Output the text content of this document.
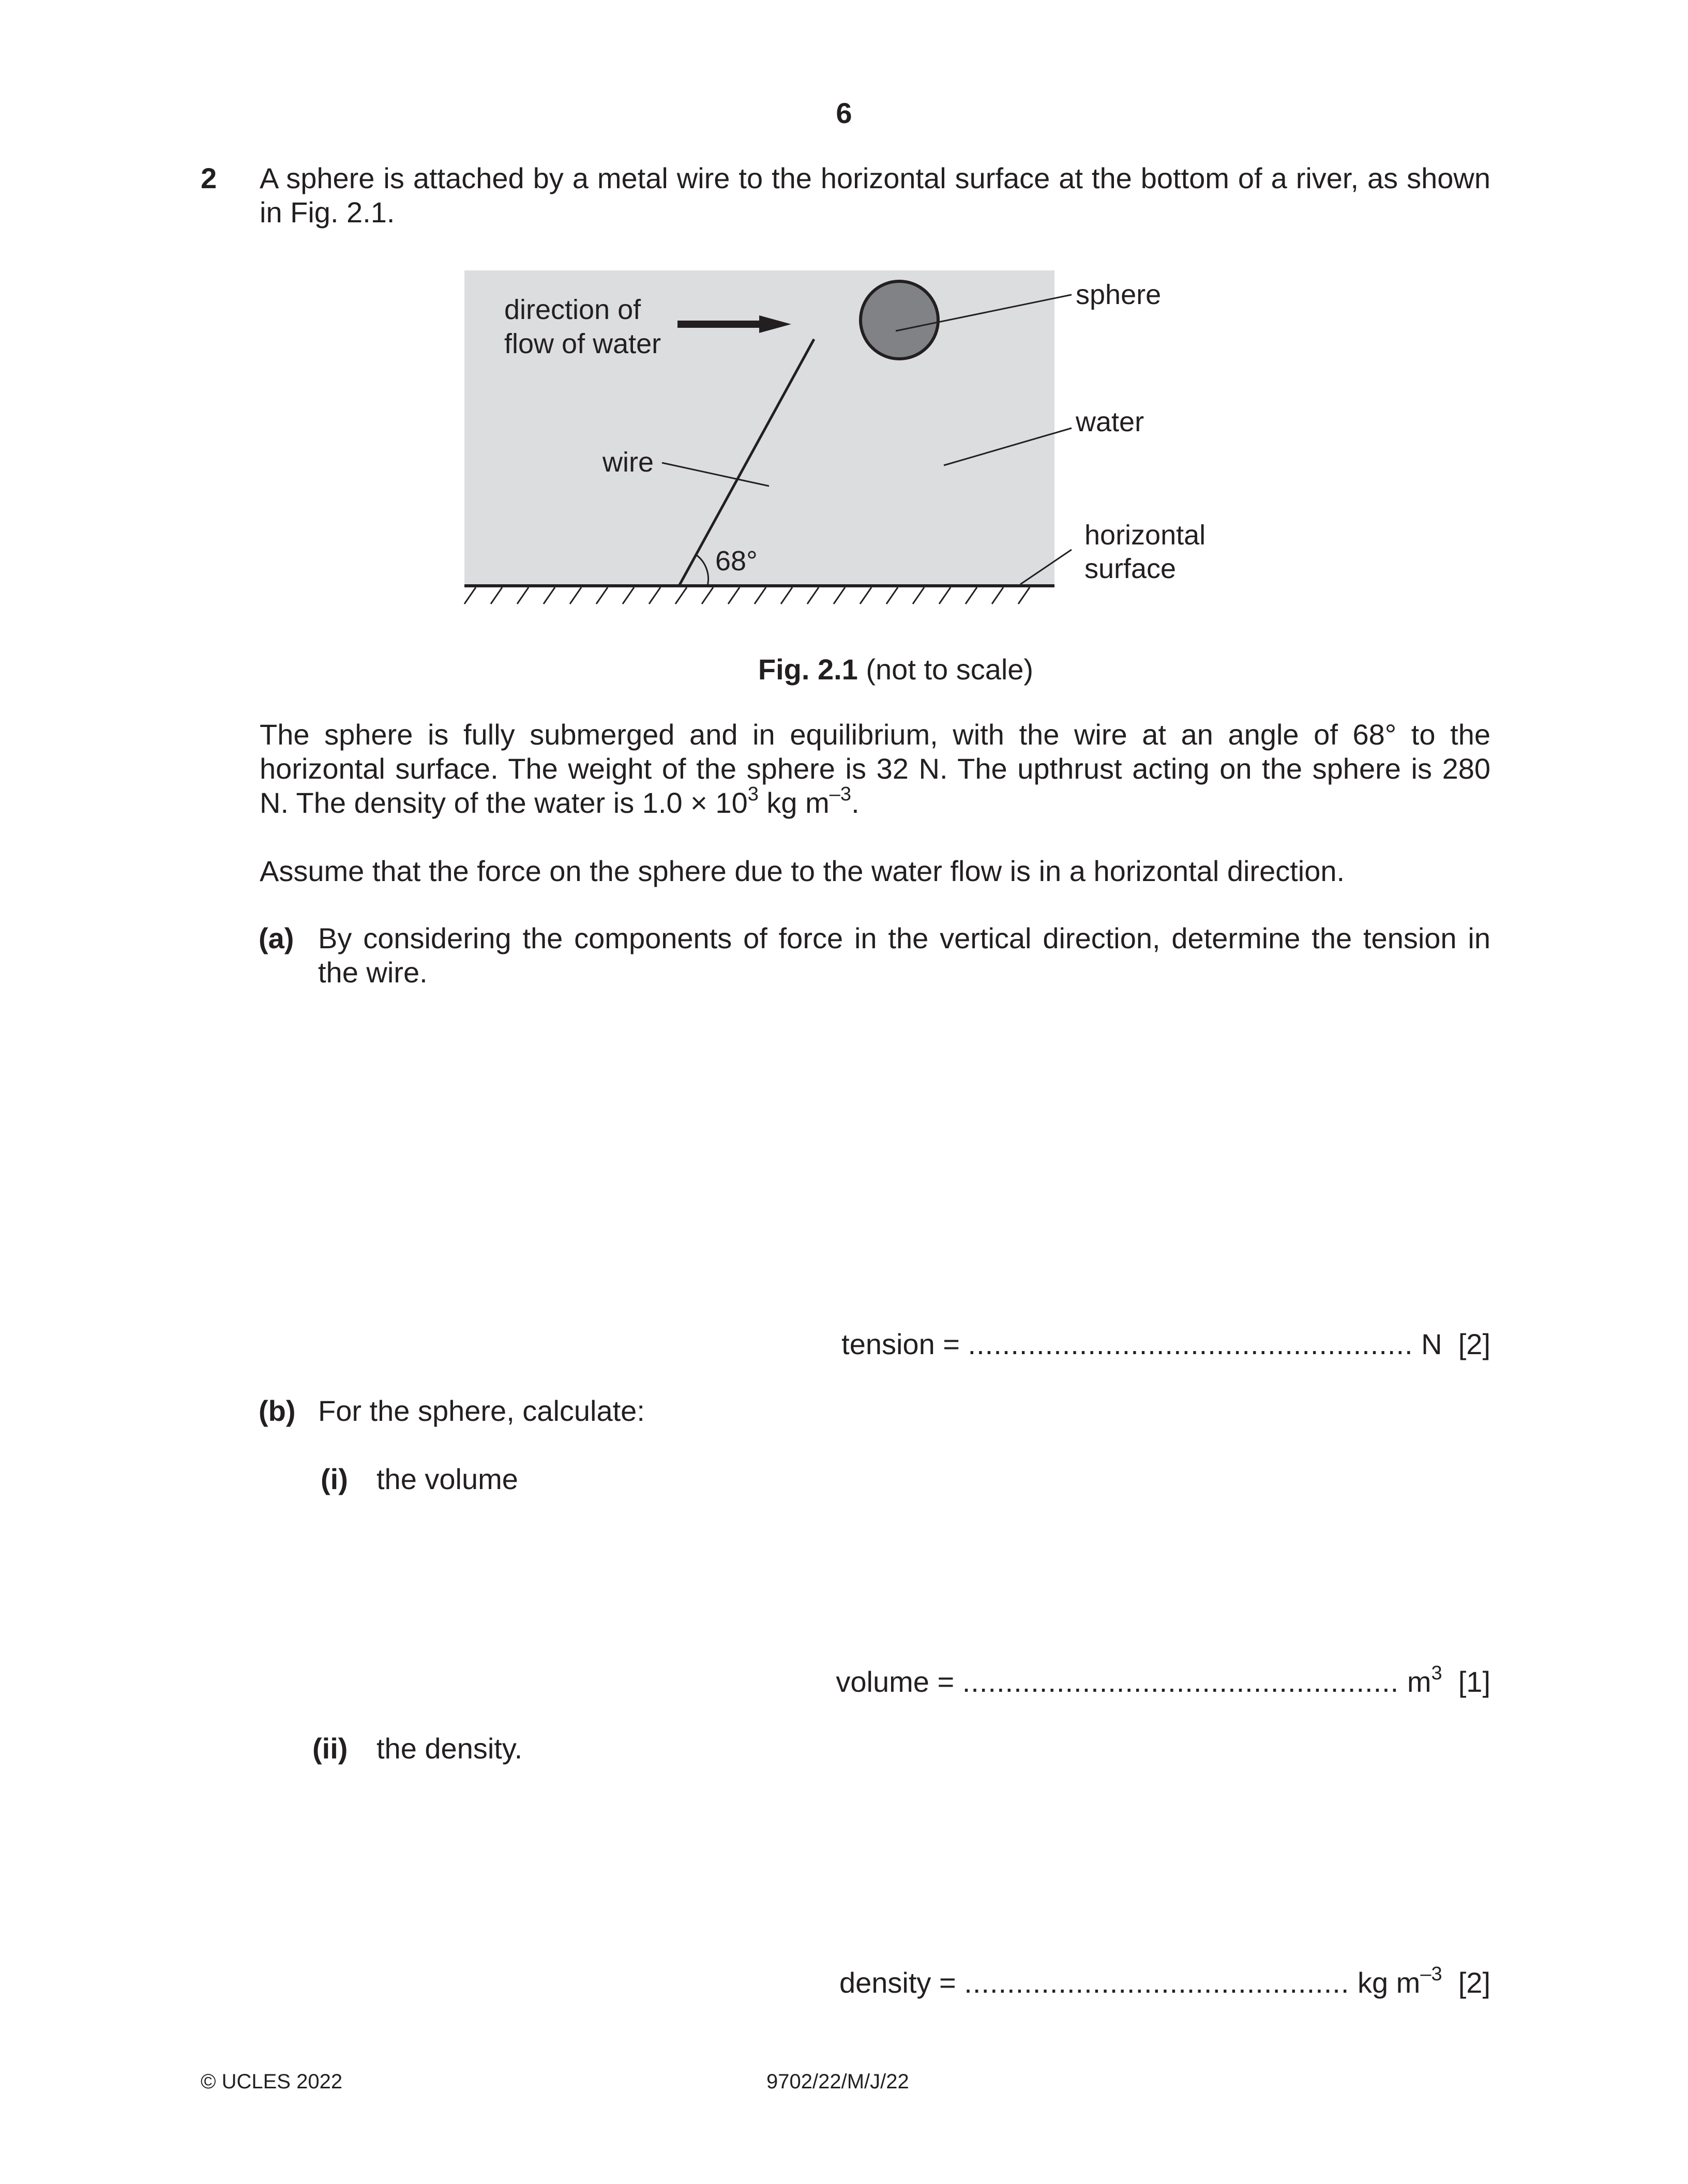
6
2 A sphere is attached by a metal wire to the horizontal surface at the bottom of a river, as shown in Fig. 2.1.
direction of
flow of water
sphere
water
wire
68°
horizontal
surface
Fig. 2.1 (not to scale)
The sphere is fully submerged and in equilibrium, with the wire at an angle of 68° to the horizontal surface. The weight of the sphere is 32 N. The upthrust acting on the sphere is 280 N. The density of the water is $1.0 \times 10^3$ kg $m^{-3}$.
Assume that the force on the sphere due to the water flow is in a horizontal direction.
(a) By considering the components of force in the vertical direction, determine the tension in the wire.
tension = .................................................... N [2]
(b) For the sphere, calculate:
(i) the volume
volume = ................................................... $m^3$ [1]
(ii) the density.
density = ............................................. kg $m^{-3}$ [2]
© UCLES 2022	9702/22/M/J/22
